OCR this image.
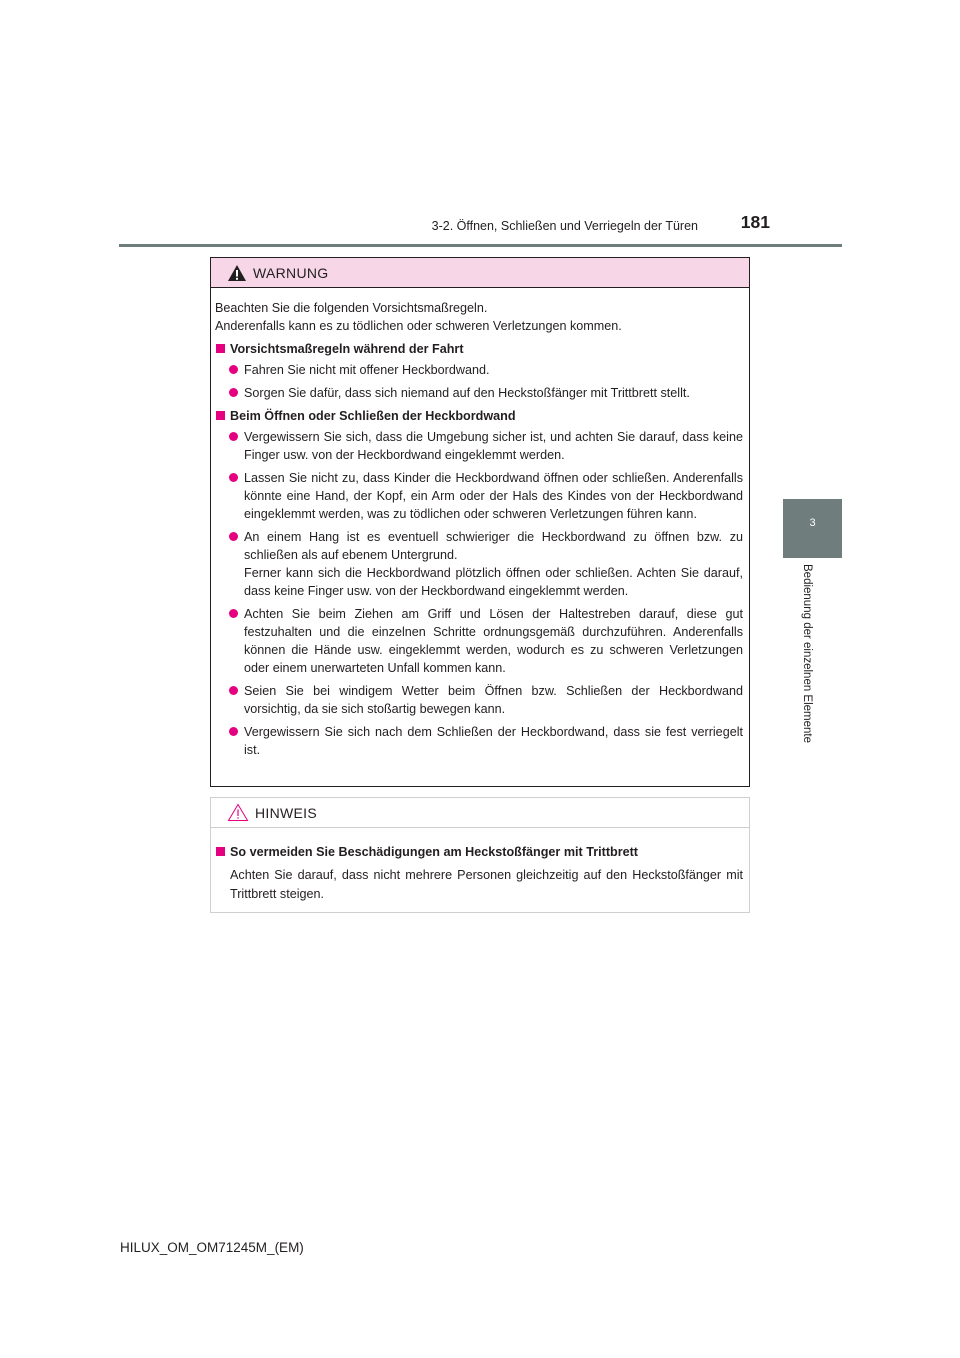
3-2. Öffnen, Schließen und Verriegeln der Türen 181
3
Bedienung der einzelnen Elemente
WARNUNG
Beachten Sie die folgenden Vorsichtsmaßregeln.
Anderenfalls kann es zu tödlichen oder schweren Verletzungen kommen.
Vorsichtsmaßregeln während der Fahrt
Fahren Sie nicht mit offener Heckbordwand.
Sorgen Sie dafür, dass sich niemand auf den Heckstoßfänger mit Trittbrett stellt.
Beim Öffnen oder Schließen der Heckbordwand
Vergewissern Sie sich, dass die Umgebung sicher ist, und achten Sie darauf, dass keine Finger usw. von der Heckbordwand eingeklemmt werden.
Lassen Sie nicht zu, dass Kinder die Heckbordwand öffnen oder schließen. Anderenfalls könnte eine Hand, der Kopf, ein Arm oder der Hals des Kindes von der Heckbordwand eingeklemmt werden, was zu tödlichen oder schweren Verletzungen führen kann.
An einem Hang ist es eventuell schwieriger die Heckbordwand zu öffnen bzw. zu schließen als auf ebenem Untergrund.
Ferner kann sich die Heckbordwand plötzlich öffnen oder schließen. Achten Sie darauf, dass keine Finger usw. von der Heckbordwand eingeklemmt werden.
Achten Sie beim Ziehen am Griff und Lösen der Haltestreben darauf, diese gut festzuhalten und die einzelnen Schritte ordnungsgemäß durchzuführen. Anderenfalls können die Hände usw. eingeklemmt werden, wodurch es zu schweren Verletzungen oder einem unerwarteten Unfall kommen kann.
Seien Sie bei windigem Wetter beim Öffnen bzw. Schließen der Heckbordwand vorsichtig, da sie sich stoßartig bewegen kann.
Vergewissern Sie sich nach dem Schließen der Heckbordwand, dass sie fest verriegelt ist.
HINWEIS
So vermeiden Sie Beschädigungen am Heckstoßfänger mit Trittbrett
Achten Sie darauf, dass nicht mehrere Personen gleichzeitig auf den Heckstoßfänger mit Trittbrett steigen.
HILUX_OM_OM71245M_(EM)
